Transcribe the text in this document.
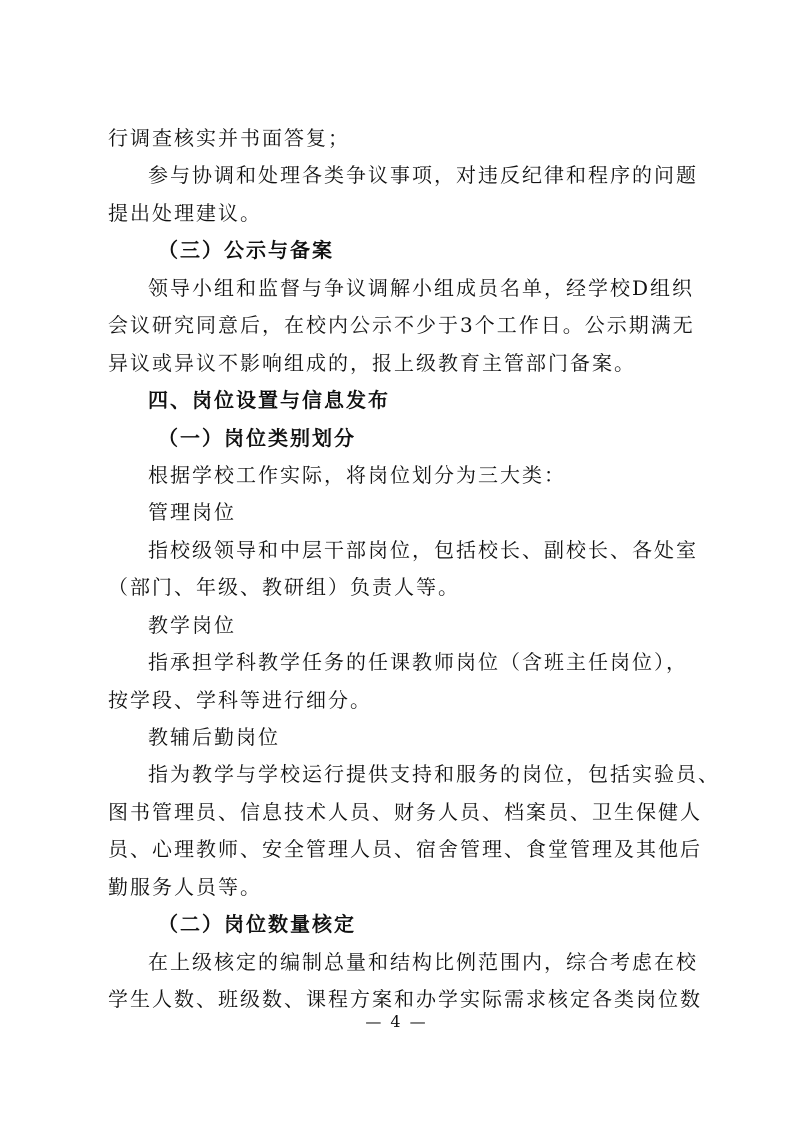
行调查核实并书面答复；
参与协调和处理各类争议事项，对违反纪律和程序的问题
提出处理建议。
（三）公示与备案
领导小组和监督与争议调解小组成员名单，经学校D组织
会议研究同意后，在校内公示不少于3个工作日。公示期满无
异议或异议不影响组成的，报上级教育主管部门备案。
四、岗位设置与信息发布
（一）岗位类别划分
根据学校工作实际，将岗位划分为三大类：
管理岗位
指校级领导和中层干部岗位，包括校长、副校长、各处室
（部门、年级、教研组）负责人等。
教学岗位
指承担学科教学任务的任课教师岗位（含班主任岗位），
按学段、学科等进行细分。
教辅后勤岗位
指为教学与学校运行提供支持和服务的岗位，包括实验员、
图书管理员、信息技术人员、财务人员、档案员、卫生保健人
员、心理教师、安全管理人员、宿舍管理、食堂管理及其他后
勤服务人员等。
（二）岗位数量核定
在上级核定的编制总量和结构比例范围内，综合考虑在校
学生人数、班级数、课程方案和办学实际需求核定各类岗位数
— 4 —
